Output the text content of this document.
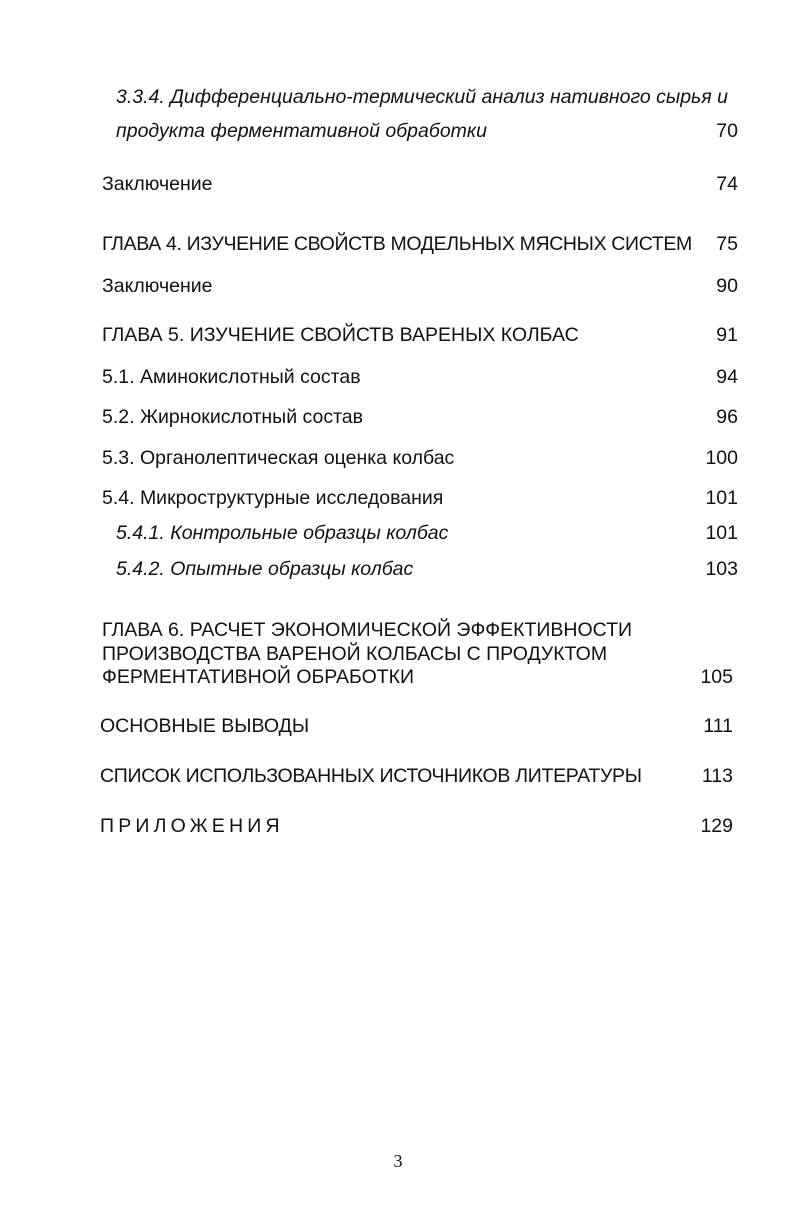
3.3.4. Дифференциально-термический анализ нативного сырья и
продукта ферментативной обработки	70
Заключение	74
ГЛАВА 4. ИЗУЧЕНИЕ СВОЙСТВ МОДЕЛЬНЫХ МЯСНЫХ СИСТЕМ	75
Заключение	90
ГЛАВА 5. ИЗУЧЕНИЕ СВОЙСТВ ВАРЕНЫХ КОЛБАС	91
5.1. Аминокислотный состав	94
5.2. Жирнокислотный состав	96
5.3. Органолептическая оценка колбас	100
5.4. Микроструктурные исследования	101
5.4.1. Контрольные образцы колбас	101
5.4.2. Опытные образцы колбас	103
ГЛАВА 6. РАСЧЕТ ЭКОНОМИЧЕСКОЙ ЭФФЕКТИВНОСТИ
ПРОИЗВОДСТВА ВАРЕНОЙ КОЛБАСЫ С ПРОДУКТОМ
ФЕРМЕНТАТИВНОЙ ОБРАБОТКИ	105
ОСНОВНЫЕ ВЫВОДЫ	111
СПИСОК ИСПОЛЬЗОВАННЫХ ИСТОЧНИКОВ ЛИТЕРАТУРЫ	113
ПРИЛОЖЕНИЯ	129
3
